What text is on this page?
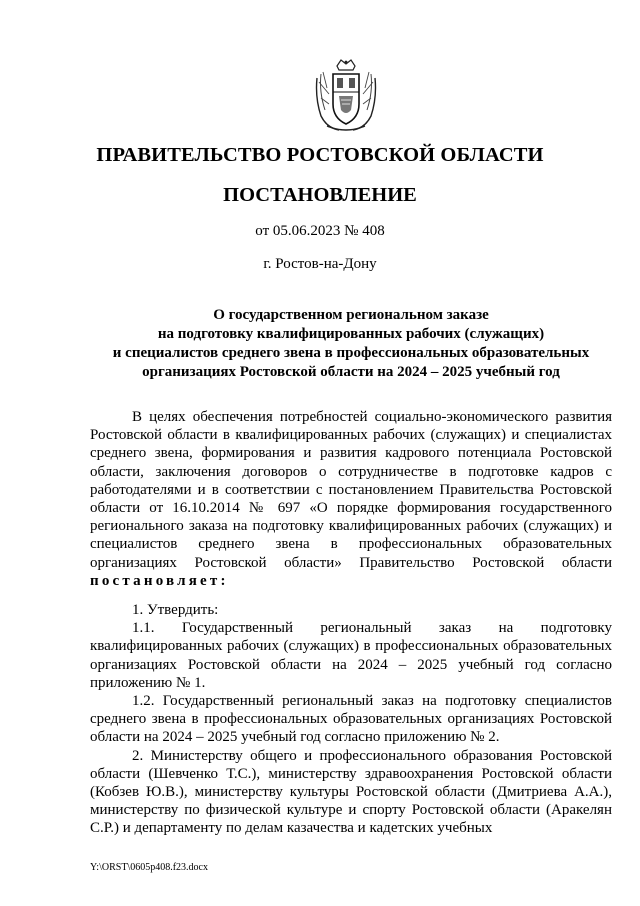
ПРАВИТЕЛЬСТВО РОСТОВСКОЙ ОБЛАСТИ
ПОСТАНОВЛЕНИЕ
от 05.06.2023 № 408
г. Ростов-на-Дону
О государственном региональном заказе
на подготовку квалифицированных рабочих (служащих)
и специалистов среднего звена в профессиональных образовательных
организациях Ростовской области на 2024 – 2025 учебный год

В целях обеспечения потребностей социально-экономического развития Ростовской области в квалифицированных рабочих (служащих) и специалистах среднего звена, формирования и развития кадрового потенциала Ростовской области, заключения договоров о сотрудничестве в подготовке кадров с работодателями и в соответствии с постановлением Правительства Ростовской области от 16.10.2014 № 697 «О порядке формирования государственного регионального заказа на подготовку квалифицированных рабочих (служащих) и специалистов среднего звена в профессиональных образовательных организациях Ростовской области» Правительство Ростовской области постановляет:

1. Утвердить:

1.1. Государственный региональный заказ на подготовку квалифицированных рабочих (служащих) в профессиональных образовательных организациях Ростовской области на 2024 – 2025 учебный год согласно приложению № 1.

1.2. Государственный региональный заказ на подготовку специалистов среднего звена в профессиональных образовательных организациях Ростовской области на 2024 – 2025 учебный год согласно приложению № 2.

2. Министерству общего и профессионального образования Ростовской области (Шевченко Т.С.), министерству здравоохранения Ростовской области (Кобзев Ю.В.), министерству культуры Ростовской области (Дмитриева А.А.), министерству по физической культуре и спорту Ростовской области (Аракелян С.Р.) и департаменту по делам казачества и кадетских учебных

Y:\ORST\0605p408.f23.docx
